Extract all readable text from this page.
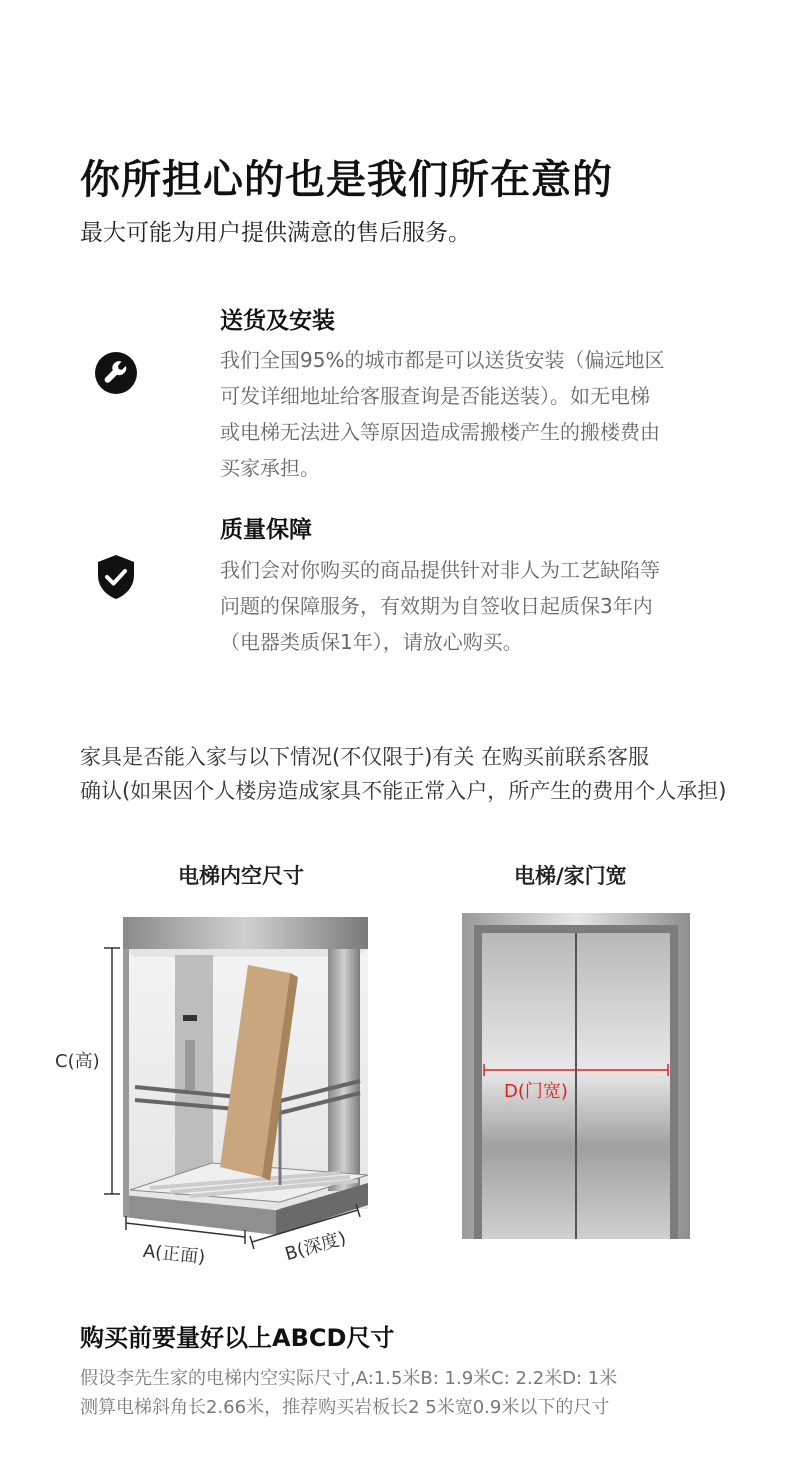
你所担心的也是我们所在意的
最大可能为用户提供满意的售后服务。
送货及安装
我们全国95%的城市都是可以送货安装（偏远地区
可发详细地址给客服查询是否能送装）。如无电梯
或电梯无法进入等原因造成需搬楼产生的搬楼费由
买家承担。
质量保障
我们会对你购买的商品提供针对非人为工艺缺陷等
问题的保障服务，有效期为自签收日起质保3年内
（电器类质保1年），请放心购买。
家具是否能入家与以下情况(不仅限于)有关 在购买前联系客服
确认(如果因个人楼房造成家具不能正常入户，所产生的费用个人承担)
电梯内空尺寸	电梯/家门宽
C(高)
A(正面)	B(深度)
D(门宽)
购买前要量好以上ABCD尺寸
假设李先生家的电梯内空实际尺寸,A:1.5米B: 1.9米C: 2.2米D: 1米
测算电梯斜角长2.66米，推荐购买岩板长2 5米宽0.9米以下的尺寸
